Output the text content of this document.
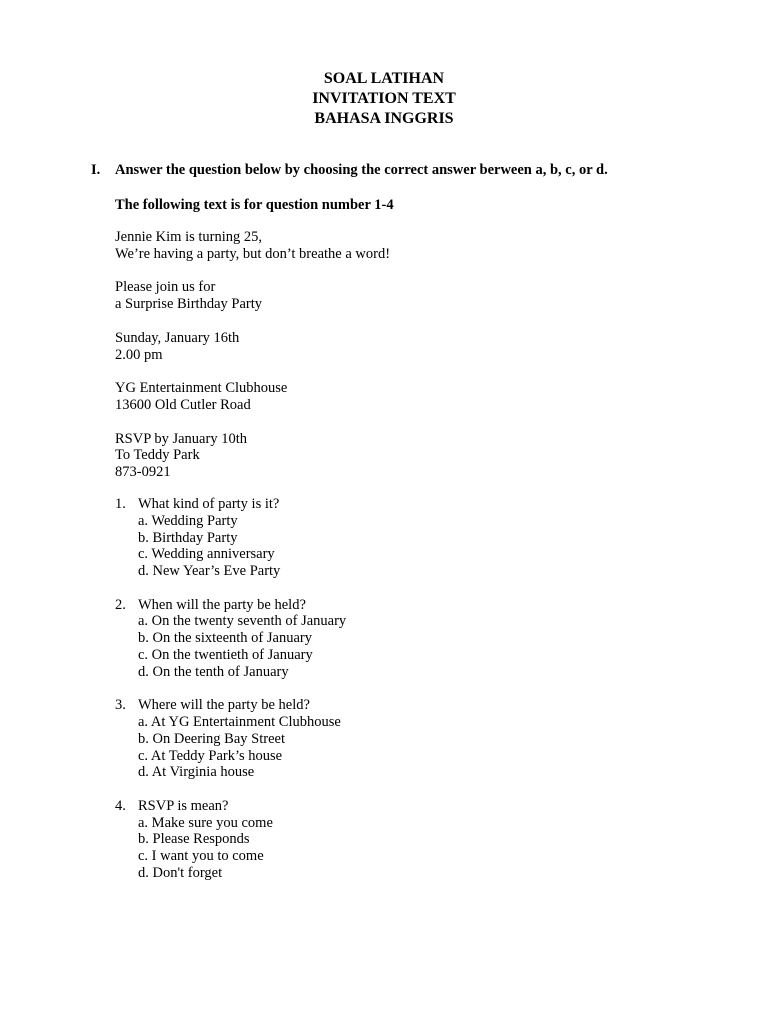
SOAL LATIHAN
INVITATION TEXT
BAHASA INGGRIS
I. Answer the question below by choosing the correct answer berween a, b, c, or d.
The following text is for question number 1-4
Jennie Kim is turning 25,
We’re having a party, but don’t breathe a word!
Please join us for
a Surprise Birthday Party
Sunday, January 16th
2.00 pm
YG Entertainment Clubhouse
13600 Old Cutler Road
RSVP by January 10th
To Teddy Park
873-0921
1. What kind of party is it?
a. Wedding Party
b. Birthday Party
c. Wedding anniversary
d. New Year’s Eve Party
2. When will the party be held?
a. On the twenty seventh of January
b. On the sixteenth of January
c. On the twentieth of January
d. On the tenth of January
3. Where will the party be held?
a. At YG Entertainment Clubhouse
b. On Deering Bay Street
c. At Teddy Park’s house
d. At Virginia house
4. RSVP is mean?
a. Make sure you come
b. Please Responds
c. I want you to come
d. Don't forget
